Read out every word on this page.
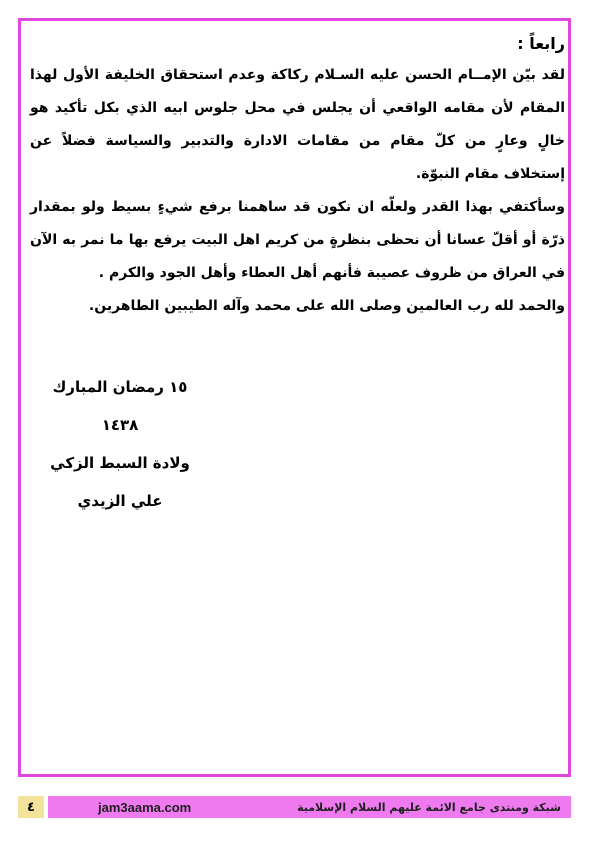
رابعاً :

لقد بيّن الإمــام الحسن عليه السـلام ركاكة وعدم استحقاق الخليفة الأول لهذا المقام لأن مقامه الواقعي أن يجلس في محل جلوس ابيه الذي بكل تأكيد هو خالٍ وعارٍ من كلّ مقام من مقامات الادارة والتدبير والسياسة فضلاً عن إستخلاف مقام النبوّة.

وسأكتفي بهذا القدر ولعلّه ان نكون قد ساهمنا برفع شيءٍ بسيط ولو بمقدار ذرّة أو أقلّ عسانا أن نحظى بنظرةٍ من كريم اهل البيت يرفع بها ما نمر به الآن في العراق من ظروف عصيبة فأنهم أهل العطاء وأهل الجود والكرم .

والحمد لله رب العالمين وصلى الله على محمد وآله الطيبين الطاهرين.

١٥ رمضان المبارك ١٤٣٨
ولادة السبط الزكي
علي الزيدي
٤	jam3aama.com	شبكة ومنتدى جامع الائمة عليهم السلام الإسلامية
